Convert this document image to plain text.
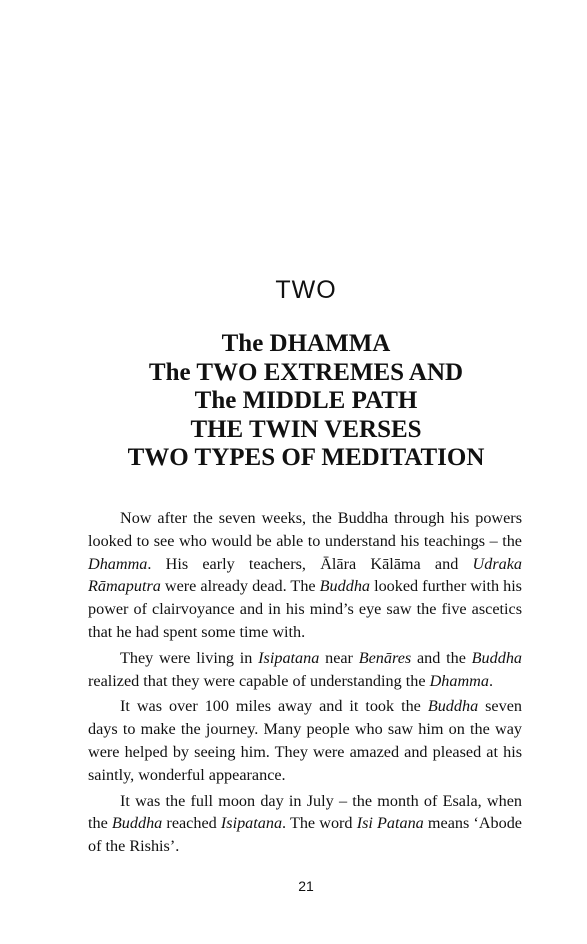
TWO
The DHAMMA
The TWO EXTREMES AND
The MIDDLE PATH
THE TWIN VERSES
TWO TYPES OF MEDITATION

Now after the seven weeks, the Buddha through his powers looked to see who would be able to understand his teachings – the Dhamma. His early teachers, Ālāra Kālāma and Udraka Rāmaputra were already dead. The Buddha looked further with his power of clairvoyance and in his mind’s eye saw the five ascetics that he had spent some time with.

They were living in Isipatana near Benāres and the Buddha realized that they were capable of understanding the Dhamma.

It was over 100 miles away and it took the Buddha seven days to make the journey. Many people who saw him on the way were helped by seeing him. They were amazed and pleased at his saintly, wonderful appearance.

It was the full moon day in July – the month of Esala, when the Buddha reached Isipatana. The word Isi Patana means ‘Abode of the Rishis’.

21
